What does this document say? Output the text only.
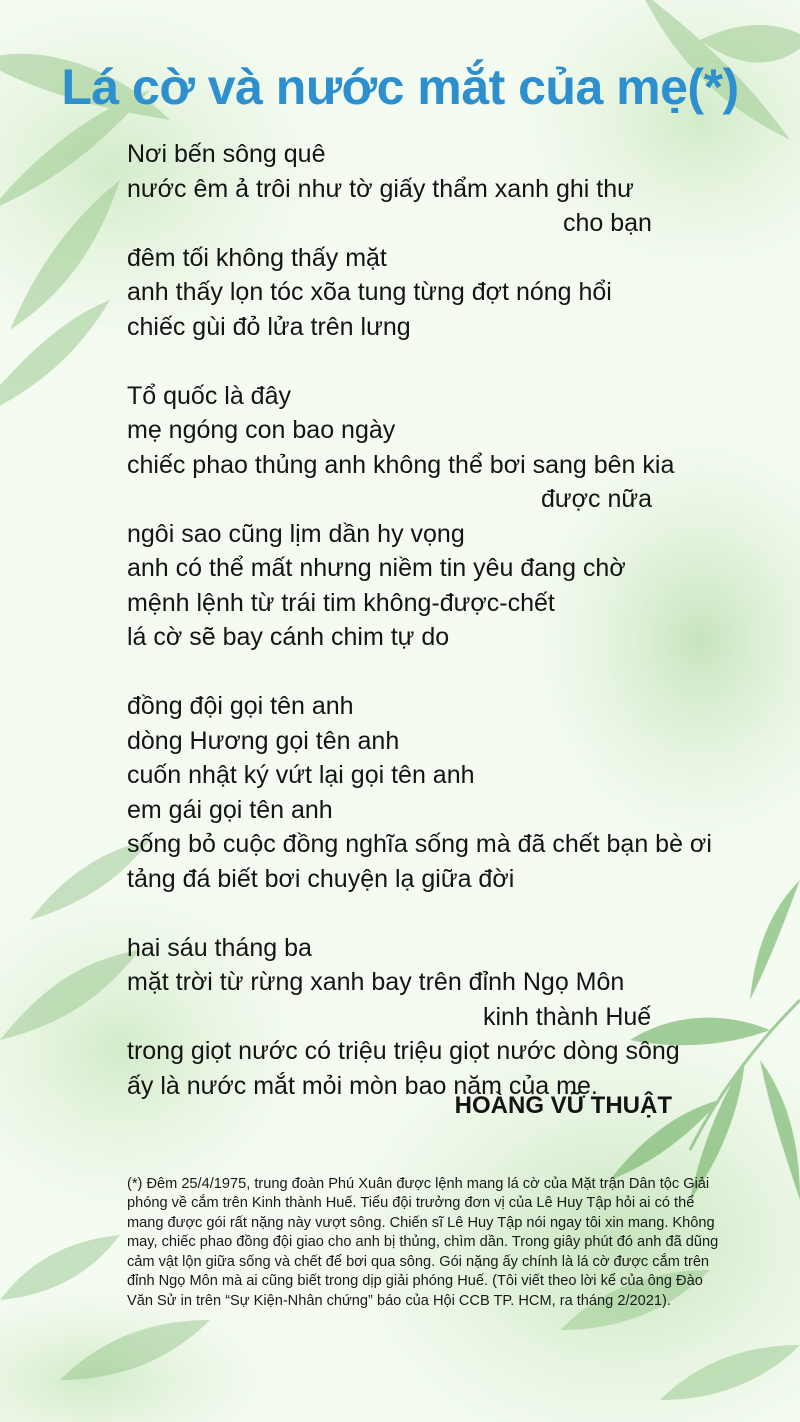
Lá cờ và nước mắt của mẹ(*)
Nơi bến sông quê
nước êm ả trôi như tờ giấy thẩm xanh ghi thư
cho bạn
đêm tối không thấy mặt
anh thấy lọn tóc xõa tung từng đợt nóng hổi
chiếc gùi đỏ lửa trên lưng
Tổ quốc là đây
mẹ ngóng con bao ngày
chiếc phao thủng anh không thể bơi sang bên kia
được nữa
ngôi sao cũng lịm dần hy vọng
anh có thể mất nhưng niềm tin yêu đang chờ
mệnh lệnh từ trái tim không-được-chết
lá cờ sẽ bay cánh chim tự do
đồng đội gọi tên anh
dòng Hương gọi tên anh
cuốn nhật ký vứt lại gọi tên anh
em gái gọi tên anh
sống bỏ cuộc đồng nghĩa sống mà đã chết bạn bè ơi
tảng đá biết bơi chuyện lạ giữa đời
hai sáu tháng ba
mặt trời từ rừng xanh bay trên đỉnh Ngọ Môn
kinh thành Huế
trong giọt nước có triệu triệu giọt nước dòng sông
ấy là nước mắt mỏi mòn bao năm của mẹ.
HOÀNG VŨ THUẬT

(*) Đêm 25/4/1975, trung đoàn Phú Xuân được lệnh mang lá cờ của Mặt trận Dân tộc Giải phóng về cắm trên Kinh thành Huế. Tiểu đội trưởng đơn vị của Lê Huy Tập hỏi ai có thể mang được gói rất nặng này vượt sông. Chiến sĩ Lê Huy Tập nói ngay tôi xin mang. Không may, chiếc phao đồng đội giao cho anh bị thủng, chìm dần. Trong giây phút đó anh đã dũng cảm vật lộn giữa sống và chết để bơi qua sông. Gói nặng ấy chính là lá cờ được cắm trên đỉnh Ngọ Môn mà ai cũng biết trong dịp giải phóng Huế. (Tôi viết theo lời kể của ông Đào Văn Sử in trên “Sự Kiện-Nhân chứng” báo của Hội CCB TP. HCM, ra tháng 2/2021).
